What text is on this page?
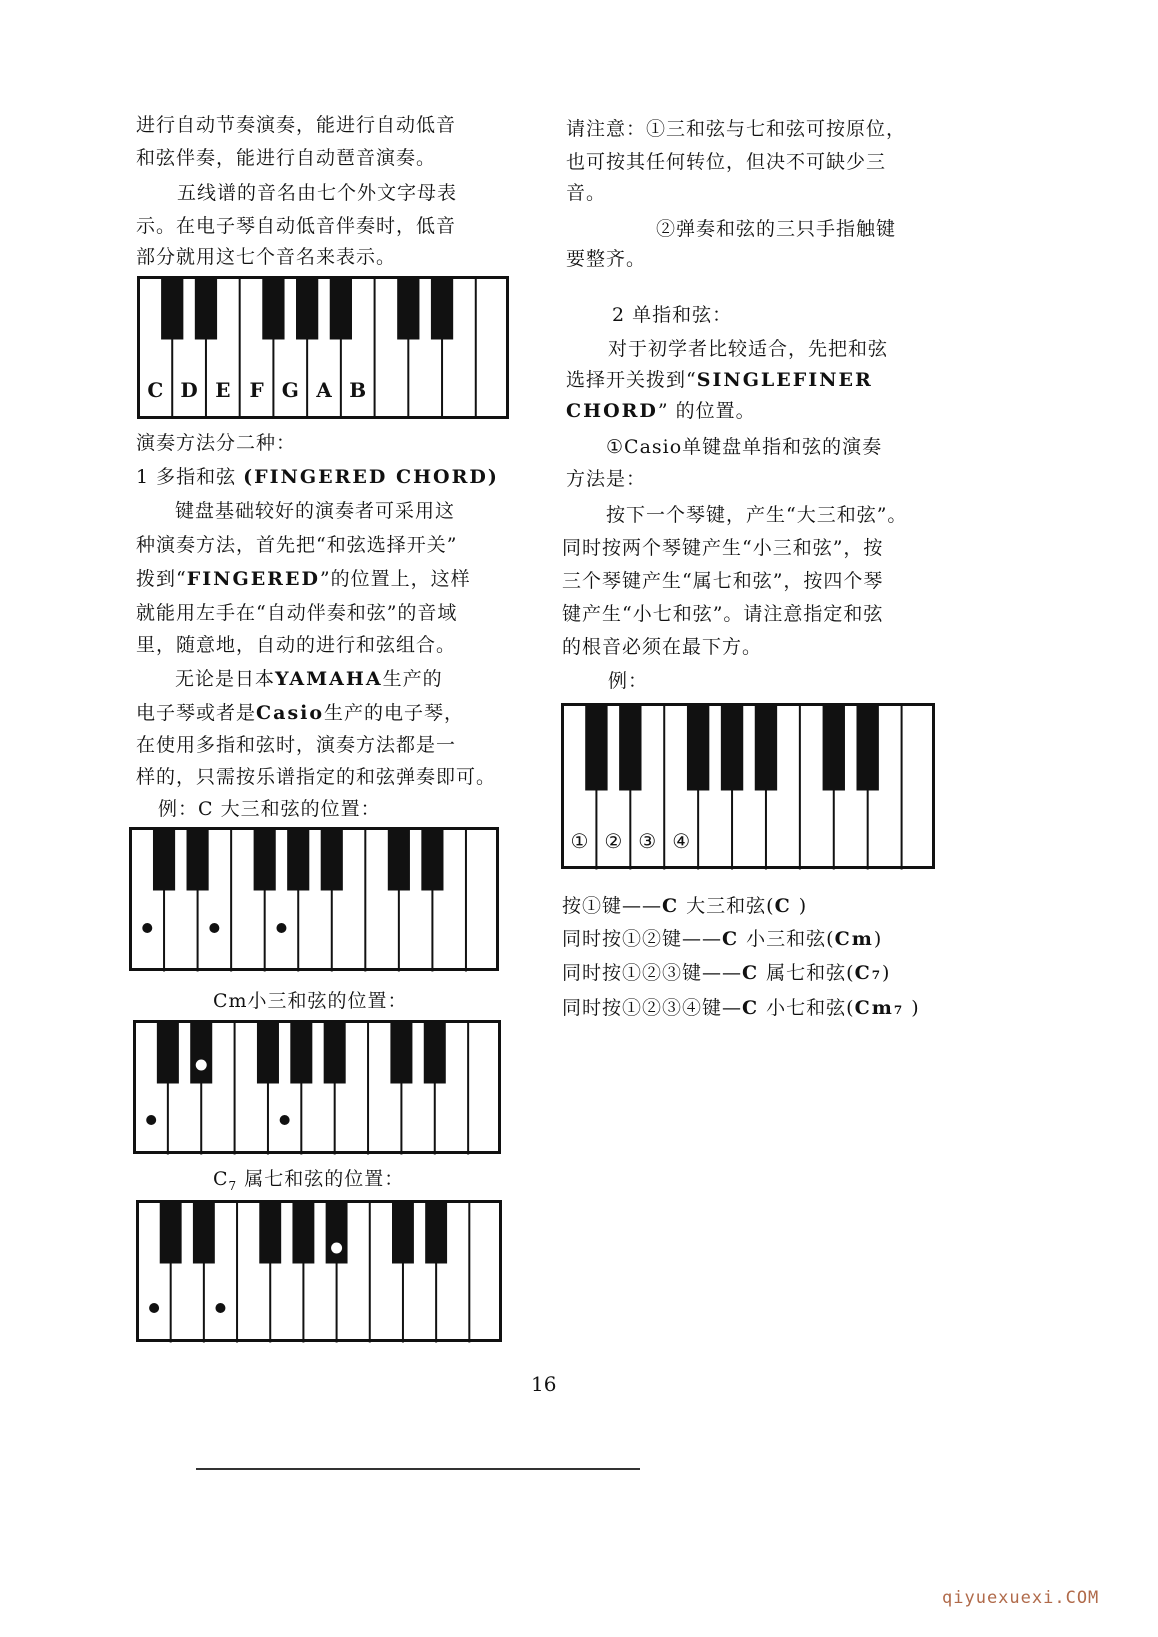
进行自动节奏演奏，能进行自动低音
和弦伴奏，能进行自动琶音演奏。
五线谱的音名由七个外文字母表
示。在电子琴自动低音伴奏时，低音
部分就用这七个音名来表示。
C D E F G A B
演奏方法分二种：
1 多指和弦 (FINGERED CHORD)
键盘基础较好的演奏者可采用这
种演奏方法，首先把“和弦选择开关”
拨到“FINGERED”的位置上，这样
就能用左手在“自动伴奏和弦”的音域
里，随意地，自动的进行和弦组合。
无论是日本YAMAHA生产的
电子琴或者是Casio生产的电子琴，
在使用多指和弦时，演奏方法都是一
样的，只需按乐谱指定的和弦弹奏即可。
例：C 大三和弦的位置：
Cm小三和弦的位置：
$C_7$ 属七和弦的位置：
请注意：①三和弦与七和弦可按原位，
也可按其任何转位，但决不可缺少三
音。
②弹奏和弦的三只手指触键
要整齐。
2 单指和弦：
对于初学者比较适合，先把和弦
选择开关拨到“SINGLEFINER
CHORD” 的位置。
①Casio单键盘单指和弦的演奏
方法是：
按下一个琴键，产生“大三和弦”。
同时按两个琴键产生“小三和弦”，按
三个琴键产生“属七和弦”，按四个琴
键产生“小七和弦”。请注意指定和弦
的根音必须在最下方。
例：
① ② ③ ④
按①键——C 大三和弦(C )
同时按①②键——C 小三和弦(Cm)
同时按①②③键——C 属七和弦(C₇)
同时按①②③④键—C 小七和弦(Cm₇ )
16
qiyuexuexi.COM
